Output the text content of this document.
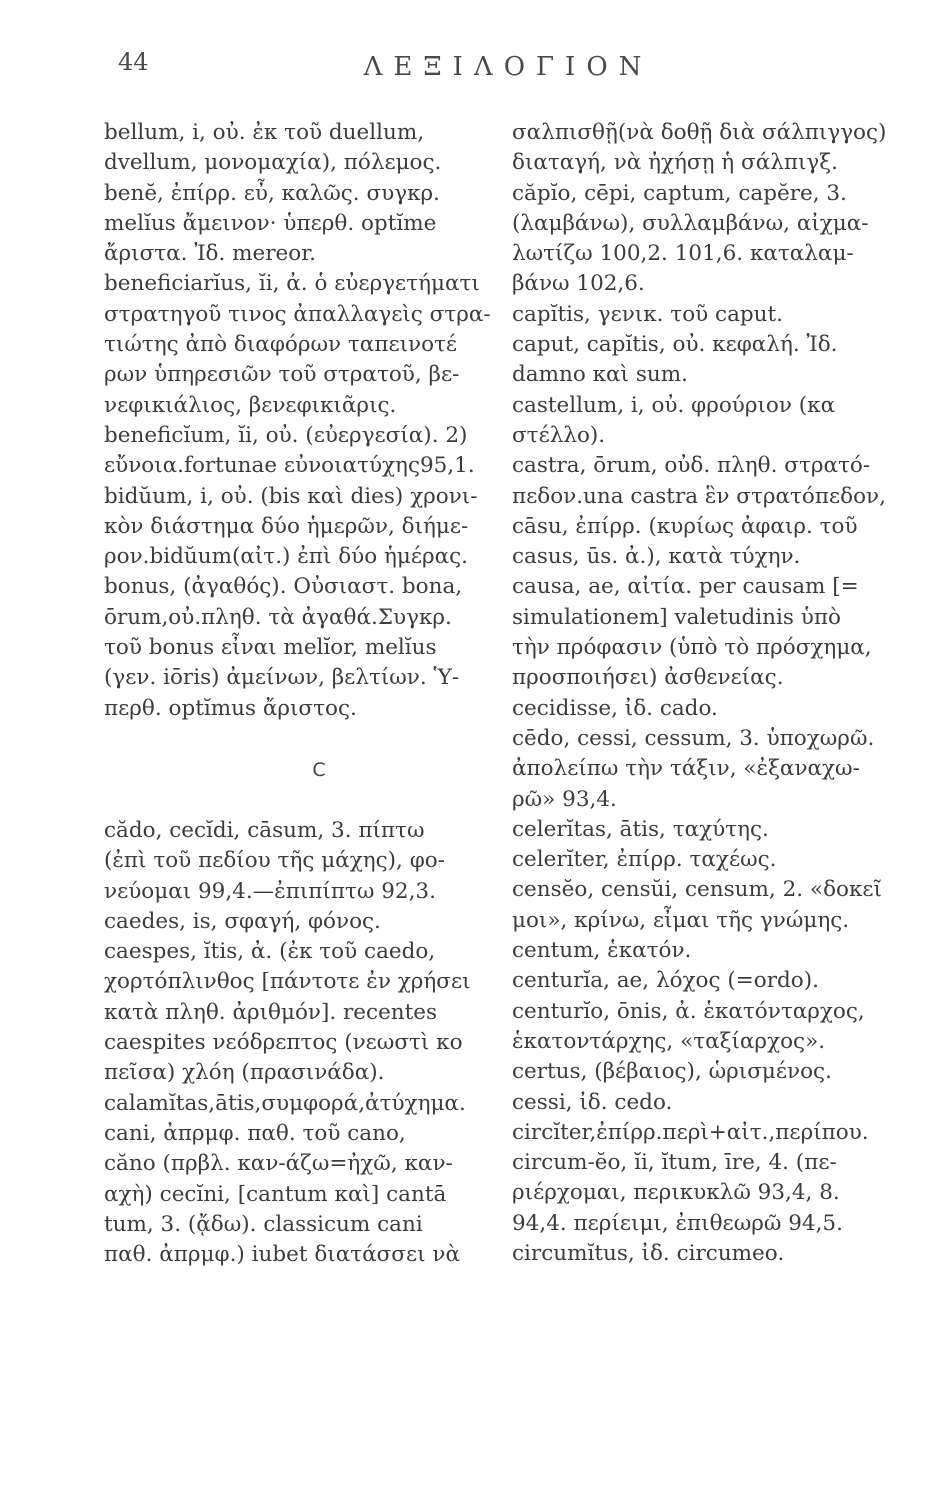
44	ΛΕΞΙΛΟΓΙΟΝ
bellum, i, οὐ. ἐκ τοῦ duellum,
dvellum, μονομαχία), πόλεμος.
benĕ, ἐπίρρ. εὖ, καλῶς. συγκρ.
melĭus ἄμεινον· ὑπερθ. optĭme
ἄριστα. Ἰδ. mereor.
beneficiarĭus, ĭi, ἀ. ὁ εὐεργετήματι
στρατηγοῦ τινος ἀπαλλαγεὶς στρα-
τιώτης ἀπὸ διαφόρων ταπεινοτέ
ρων ὑπηρεσιῶν τοῦ στρατοῦ, βε-
νεφικιάλιος, βενεφικιᾶρις.
beneficĭum, ĭi, οὐ. (εὐεργεσία). 2)
εὔνοια.fortunae εὐνοιατύχης95,1.
bidŭum, i, οὐ. (bis καὶ dies) χρονι-
κὸν διάστημα δύο ἡμερῶν, διήμε-
ρον.bidŭum(αἰτ.) ἐπὶ δύο ἡμέρας.
bonus, (ἀγαθός). Οὐσιαστ. bona,
ōrum,οὐ.πληθ. τὰ ἀγαθά.Συγκρ.
τοῦ bonus εἶναι melĭor, melĭus
(γεν. iōris) ἀμείνων, βελτίων. Ὑ-
περθ. optĭmus ἄριστος.
C
cădo, cecĭdi, cāsum, 3. πίπτω
(ἐπὶ τοῦ πεδίου τῆς μάχης), φο-
νεύομαι 99,4.—ἐπιπίπτω 92,3.
caedes, is, σφαγή, φόνος.
caespes, ĭtis, ἀ. (ἐκ τοῦ caedo,
χορτόπλινθος [πάντοτε ἐν χρήσει
κατὰ πληθ. ἀριθμόν]. recentes
caespites νεόδρεπτος (νεωστὶ κο
πεῖσα) χλόη (πρασινάδα).
calamĭtas,ātis,συμφορά,ἀτύχημα.
cani, ἀπρμφ. παθ. τοῦ cano,
căno (πρβλ. καν-άζω=ἠχῶ, καν-
αχὴ) cecĭni, [cantum καὶ] cantā
tum, 3. (ᾄδω). classicum cani
παθ. ἀπρμφ.) iubet διατάσσει νὰ
σαλπισθῇ(νὰ δοθῇ διὰ σάλπιγγος)
διαταγή, νὰ ἠχήσῃ ἡ σάλπιγξ.
căpĭo, cēpi, captum, capĕre, 3.
(λαμβάνω), συλλαμβάνω, αἰχμα-
λωτίζω 100,2. 101,6. καταλαμ-
βάνω 102,6.
capĭtis, γενικ. τοῦ caput.
caput, capĭtis, οὐ. κεφαλή. Ἰδ.
damno καὶ sum.
castellum, i, οὐ. φρούριον (κα
στέλλο).
castra, ōrum, οὐδ. πληθ. στρατό-
πεδον.una castra ἓν στρατόπεδον,
cāsu, ἐπίρρ. (κυρίως ἀφαιρ. τοῦ
casus, ūs. ἀ.), κατὰ τύχην.
causa, ae, αἰτία. per causam [=
simulationem] valetudinis ὑπὸ
τὴν πρόφασιν (ὑπὸ τὸ πρόσχημα,
προσποιήσει) ἀσθενείας.
cecidisse, ἰδ. cado.
cēdo, cessi, cessum, 3. ὑποχωρῶ.
ἀπολείπω τὴν τάξιν, «ἐξαναχω-
ρῶ» 93,4.
celerĭtas, ātis, ταχύτης.
celerĭter, ἐπίρρ. ταχέως.
censĕo, censŭi, censum, 2. «δοκεῖ
μοι», κρίνω, εἶμαι τῆς γνώμης.
centum, ἑκατόν.
centurĭa, ae, λόχος (=ordo).
centurĭo, ōnis, ἀ. ἑκατόνταρχος,
ἑκατοντάρχης, «ταξίαρχος».
certus, (βέβαιος), ὡρισμένος.
cessi, ἰδ. cedo.
circĭter,ἐπίρρ.περὶ+αἰτ.,περίπου.
circum-ĕo, ĭi, ĭtum, īre, 4. (πε-
ριέρχομαι, περικυκλῶ 93,4, 8.
94,4. περίειμι, ἐπιθεωρῶ 94,5.
circumĭtus, ἰδ. circumeo.
